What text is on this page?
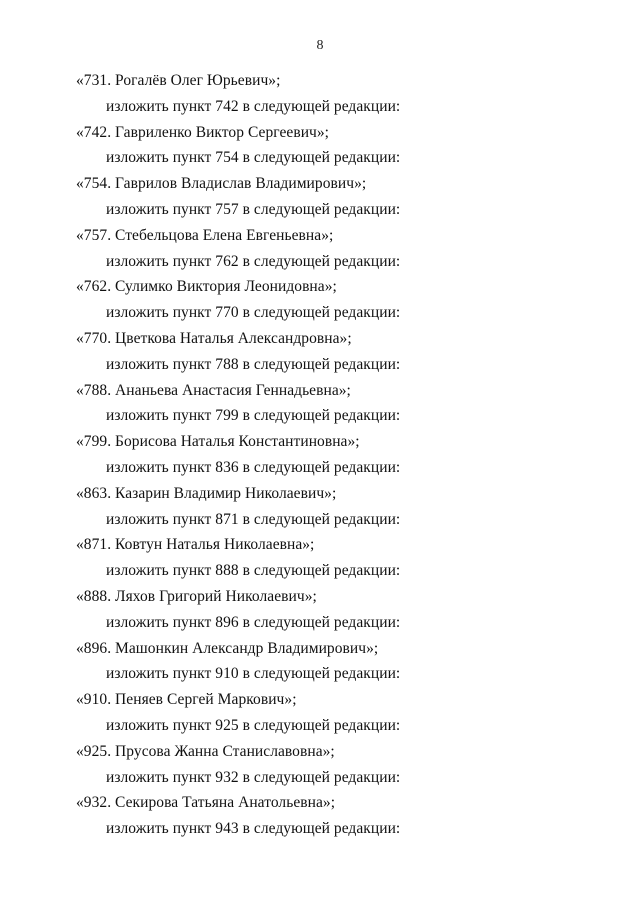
8
«731. Рогалёв Олег Юрьевич»;
изложить пункт 742 в следующей редакции:
«742. Гавриленко Виктор Сергеевич»;
изложить пункт 754 в следующей редакции:
«754. Гаврилов Владислав Владимирович»;
изложить пункт 757 в следующей редакции:
«757. Стебельцова Елена Евгеньевна»;
изложить пункт 762 в следующей редакции:
«762. Сулимко Виктория Леонидовна»;
изложить пункт 770 в следующей редакции:
«770. Цветкова Наталья Александровна»;
изложить пункт 788 в следующей редакции:
«788. Ананьева Анастасия Геннадьевна»;
изложить пункт 799 в следующей редакции:
«799. Борисова Наталья Константиновна»;
изложить пункт 836 в следующей редакции:
«863. Казарин Владимир Николаевич»;
изложить пункт 871 в следующей редакции:
«871. Ковтун Наталья Николаевна»;
изложить пункт 888 в следующей редакции:
«888. Ляхов Григорий Николаевич»;
изложить пункт 896 в следующей редакции:
«896. Машонкин Александр Владимирович»;
изложить пункт 910 в следующей редакции:
«910. Пеняев Сергей Маркович»;
изложить пункт 925 в следующей редакции:
«925. Прусова Жанна Станиславовна»;
изложить пункт 932 в следующей редакции:
«932. Секирова Татьяна Анатольевна»;
изложить пункт 943 в следующей редакции:
